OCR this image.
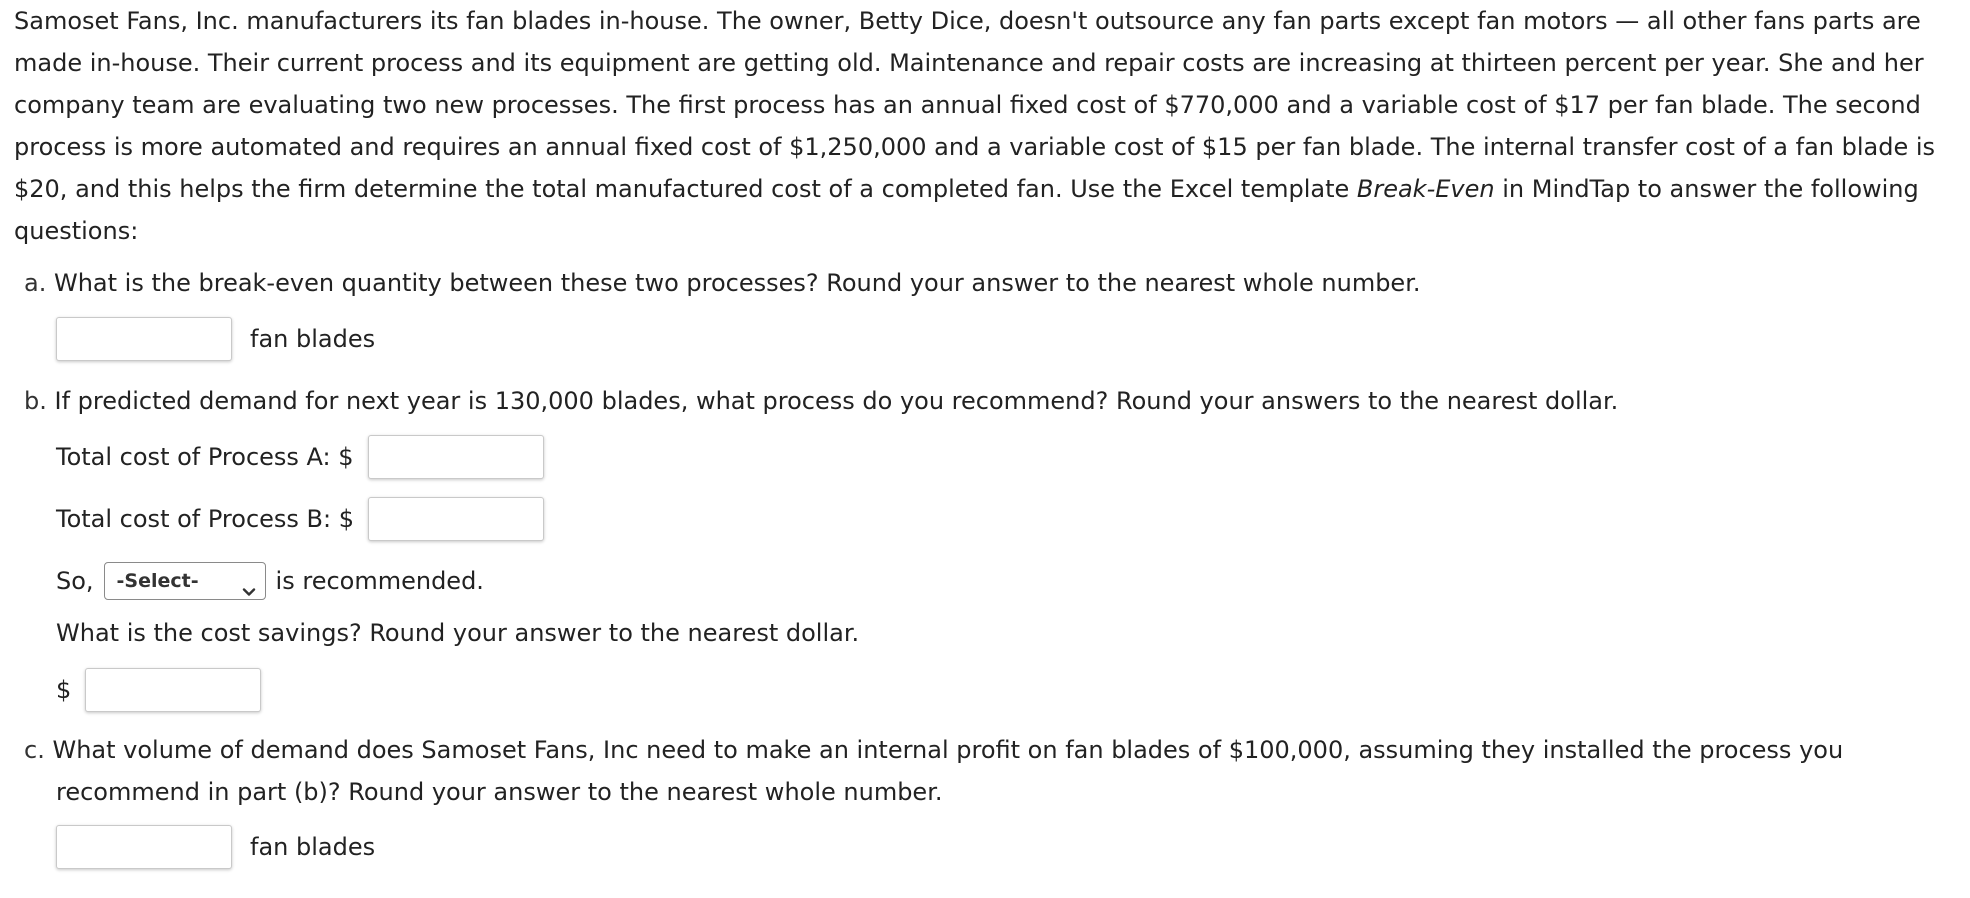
Samoset Fans, Inc. manufacturers its fan blades in-house. The owner, Betty Dice, doesn't outsource any fan parts except fan motors — all other fans parts are made in-house. Their current process and its equipment are getting old. Maintenance and repair costs are increasing at thirteen percent per year. She and her company team are evaluating two new processes. The first process has an annual fixed cost of $770,000 and a variable cost of $17 per fan blade. The second process is more automated and requires an annual fixed cost of $1,250,000 and a variable cost of $15 per fan blade. The internal transfer cost of a fan blade is $20, and this helps the firm determine the total manufactured cost of a completed fan. Use the Excel template Break-Even in MindTap to answer the following questions:

a. What is the break-even quantity between these two processes? Round your answer to the nearest whole number.
fan blades
b. If predicted demand for next year is 130,000 blades, what process do you recommend? Round your answers to the nearest dollar.
Total cost of Process A: $
Total cost of Process B: $
So, -Select-	is recommended.
What is the cost savings? Round your answer to the nearest dollar.
$
c. What volume of demand does Samoset Fans, Inc need to make an internal profit on fan blades of $100,000, assuming they installed the process you
recommend in part (b)? Round your answer to the nearest whole number.
fan blades
